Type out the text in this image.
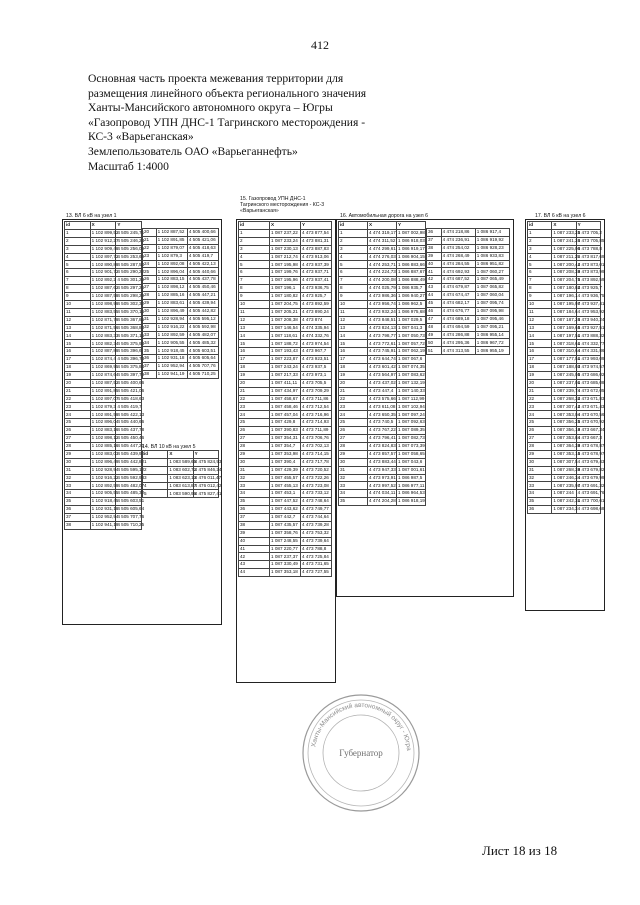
412
Основная часть проекта межевания территории для
размещения линейного объекта регионального значения
Ханты-Мансийского автономного округа – Югры
«Газопровод УПН ДНС-1 Тагринского месторождения -
КС-3 «Варьеганская»
Землепользователь ОАО «Варьеганнефть»
Масштаб 1:4000
13. ВЛ 6 кВ на узел 1
14. ВЛ 10 кВ на узел 5
15. Газопровод УПН ДНС-1 Тагринского месторождения - КС-3 «Варьеганская»
16. Автомобильная дорога на узел 6	17. ВЛ 6 кВ на узел 6
id	X	Y
1	1 102 899,52	4 505 245,71
2	1 102 912,27	4 505 246,23
3	1 102 909,48	4 505 256,09
4	1 102 897,72	4 505 253,69
5	1 102 890,88	4 505 287,54
6	1 102 901,72	4 505 290,22
7	1 102 892,2	4 505 301,29
8	1 102 887,62	4 505 297,26
9	1 102 887,58	4 505 298,29
10	1 102 898,98	4 505 302,32
11	1 102 883,55	4 505 370,16
12	1 102 871,78	4 505 367,85
13	1 102 871,56	4 505 368,83
14	1 102 883,33	4 505 371,15
15	1 102 882,34	4 505 375,93
16	1 102 887,88	4 505 396,6
17	1 102 874,4	4 505 396,73
18	1 102 869,95	4 505 375,84
19	1 102 874,64	4 505 397,79
20	1 102 887,52	4 505 400,66
21	1 102 891,85	4 505 421,06
22	1 102 897,07	4 505 418,63
23	1 102 879,3	4 505 419,7
24	1 102 891,58	4 505 422,13
25	1 102 896,04	4 505 440,66
26	1 102 883,16	4 505 437,78
27	1 102 898,12	4 505 450,46
28	1 102 885,16	4 505 447,21
29	1 102 883,03	4 505 439,94
30	1 102 896,49	4 505 442,82
31	1 102 928,94	4 505 595,12
32	1 102 916,22	4 505 592,98
33	1 102 892,59	4 505 482,07
34	1 102 905,55	4 505 485,32
35	1 102 918,45	4 505 603,51
36	1 102 931,18	4 505 605,64
37	1 102 952,94	4 505 707,76
38	1 102 941,19	4 505 710,25
20	1 102 887,52	4 505 400,66
21	1 102 891,85	4 505 421,06
22	1 102 879,07	4 505 418,63
23	1 102 879,3	4 505 419,7
24	1 102 892,08	4 505 422,13
25	1 102 896,04	4 505 440,66
26	1 102 883,15	4 505 437,78
27	1 102 898,12	4 505 450,46
28	1 102 885,16	4 505 447,21
29	1 102 883,61	4 505 439,94
30	1 102 896,49	4 505 442,82
31	1 102 928,94	4 505 595,12
32	1 102 916,22	4 505 592,98
33	1 102 892,59	4 505 482,07
34	1 102 905,55	4 505 485,32
35	1 102 918,45	4 505 603,51
36	1 102 931,18	4 505 605,64
37	1 102 952,94	4 505 707,76
38	1 102 941,19	4 505 710,25
id	X	Y
1	1 083 589,65	4 475 824,93
2	1 083 602,72	4 475 846,24
3	1 083 623,13	4 476 011,47
4	1 083 613,87	4 476 012,42
5	1 083 590,96	4 475 827,41
id	X	Y
1	1 087 237,22	4 473 877,54
2	1 087 233,24	4 473 881,31
3	1 087 230,13	4 473 887,83
4	1 087 212,74	4 473 913,06
5	1 087 195,98	4 473 937,39
6	1 087 199,76	4 473 937,71
7	1 087 195,96	4 473 937,41
8	1 087 196,1	4 473 936,75
9	1 087 180,82	4 473 925,7
10	1 087 204,75	4 473 892,59
11	1 087 205,21	4 473 890,24
12	1 087 208,38	4 473 874
13	1 087 146,54	4 474 335,94
14	1 087 118,61	4 474 332,76
15	1 087 188,72	4 473 974,54
16	1 087 193,43	4 473 967,7
17	1 087 223,87	4 473 923,51
18	1 087 243,24	4 473 937,5
19	1 087 217,33	4 473 973,1
20	1 087 411,11	4 473 705,5
21	1 087 434,97	4 473 709,29
22	1 087 458,67	4 473 711,86
23	1 087 458,46	4 473 712,54
24	1 087 457,04	4 473 716,96
25	1 087 429,8	4 473 714,93
26	1 087 390,83	4 473 711,89
27	1 087 354,31	4 473 706,76
28	1 087 354,7	4 473 702,13
29	1 087 353,98	4 473 714,15
30	1 087 390,4	4 473 717,78
31	1 087 429,39	4 473 720,52
32	1 087 455,57	4 473 722,26
33	1 087 455,13	4 473 723,08
34	1 087 453,1	4 473 733,12
35	1 087 447,52	4 473 748,64
36	1 087 443,62	4 473 749,77
37	1 087 442,7	4 473 744,64
38	1 087 435,57	4 473 739,28
39	1 087 358,76	4 473 753,32
40	1 087 248,55	4 473 739,64
41	1 087 220,77	4 473 788,8
42	1 087 237,37	4 473 725,84
43	1 087 330,49	4 473 731,65
44	1 087 353,18	4 473 727,55
id	X	Y
1	4 474 319,17	1 087 002,98
2	4 474 311,52	1 086 918,03
3	4 474 299,61	1 086 919,17
4	4 474 276,03	1 086 904,15
5	4 474 253,71	1 086 883,66
6	4 474 224,73	1 086 887,67
7	4 474 200,08	1 086 888,49
8	4 474 025,79	1 086 935,7
9	4 473 986,36	1 086 940,27
10	4 473 956,74	1 086 962,5
11	4 473 932,24	1 086 975,68
12	4 473 848,51	1 087 029,5
13	4 473 824,13	1 087 041,3
14	4 473 798,77	1 087 050,73
15	4 473 772,61	1 087 057,72
16	4 473 745,91	1 087 062,19
17	4 473 644,74	1 087 067,6
18	4 473 601,42	1 087 074,35
19	4 473 564,97	1 087 083,62
20	4 473 437,02	1 087 132,19
21	4 473 447,4	1 087 140,33
22	4 473 575,66	1 087 112,99
23	4 473 611,08	1 087 102,94
24	4 473 650,35	1 087 097,24
25	4 473 740,5	1 087 092,63
26	4 473 767,22	1 087 089,35
27	4 473 796,41	1 087 082,73
28	4 473 824,83	1 087 073,39
29	4 473 857,57	1 087 058,65
30	4 473 883,44	1 087 043,6
31	4 473 947,33	1 087 001,61
32	4 473 973,91	1 086 987,5
33	4 473 997,52	1 086 977,11
34	4 474 034,11	1 086 964,53
35	4 474 204,28	1 086 918,19
36	4 474 218,86	1 086 917,4
37	4 474 236,91	1 086 919,92
38	4 474 254,02	1 086 928,23
39	4 474 268,49	1 086 933,83
40	4 474 284,55	1 086 951,82
41	4 474 692,93	1 087 060,27
42	4 474 687,52	1 087 065,49
43	4 474 679,87	1 087 065,82
44	4 474 674,47	1 087 060,04
45	4 474 682,17	1 087 095,74
46	4 474 676,77	1 087 095,98
47	4 474 689,18	1 087 095,46
48	4 474 694,59	1 087 095,21
49	4 474 286,88	1 086 955,14
50	4 474 295,36	1 086 967,72
51	4 474 313,55	1 086 955,19
id	X	Y
1	1 087 233,25	4 473 705,2
2	1 087 241,26	4 473 705,85
3	1 087 225,06	4 473 788,8
4	1 087 211,25	4 473 817,69
5	1 087 200,42	4 473 873,01
6	1 087 208,39	4 473 873,99
7	1 087 204,75	4 473 892,59
8	1 087 180,82	4 473 925,7
9	1 087 196,1	4 473 936,75
10	1 087 195,97	4 473 937,41
11	1 087 184,6	4 473 953,92
12	1 087 187,26	4 473 940,24
13	1 087 169,65	4 473 927,51
14	1 087 197,51	4 473 888,32
15	1 087 318,61	4 474 332,77
16	1 087 310,64	4 474 331,86
17	1 087 177,51	4 473 993,09
18	1 087 188,03	4 473 974,57
19	1 087 245,05	4 473 686,02
20	1 087 237,01	4 473 685,08
21	1 087 239,74	4 473 672,05
22	1 087 268,32	4 473 671,83
23	1 087 307,42	4 473 671,43
24	1 087 353,04	4 473 670,56
25	1 087 356,25	4 473 670,92
26	1 087 356,19	4 473 667,34
27	1 087 353,84	4 473 667,3
28	1 087 364,39	4 473 678,87
29	1 087 353,15	4 473 678,97
30	1 087 307,5	4 473 679,43
31	1 087 268,39	4 473 679,82
32	1 087 246,34	4 473 679,99
33	1 087 235,97	4 473 691,32
34	1 087 244	4 473 691,76
35	1 087 242,31	4 473 700,61
36	1 087 234,3	4 473 698,68
Ханты-Мансийский автономный округ - Югра
Губернатор
Лист 18 из 18
